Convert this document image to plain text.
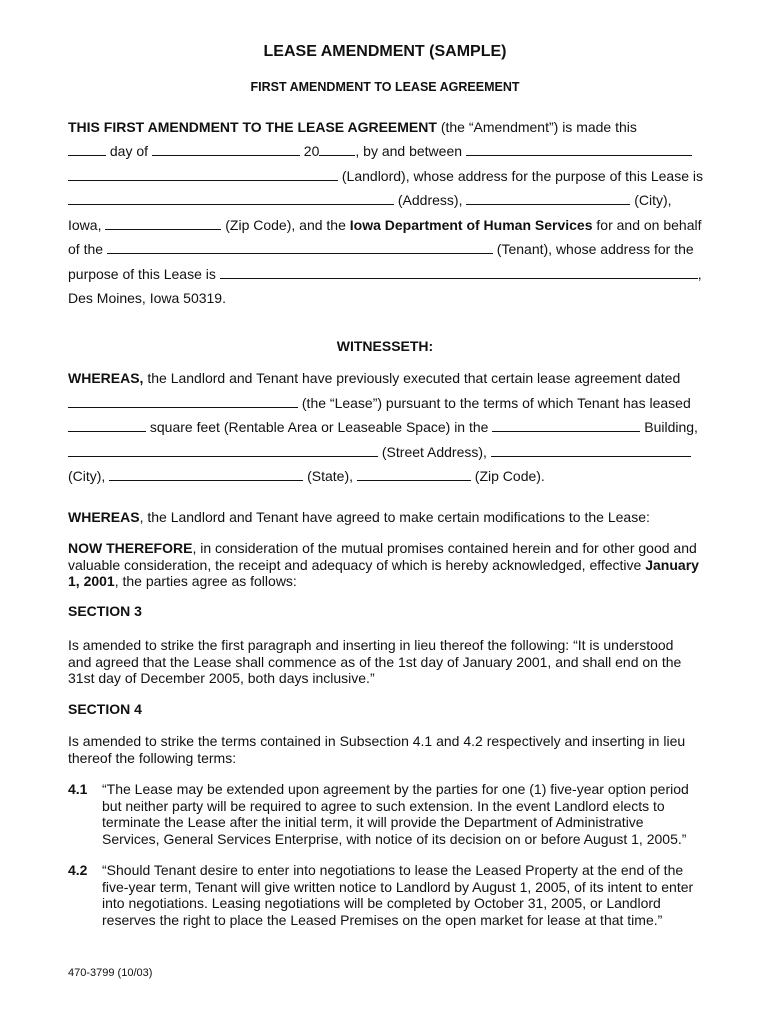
LEASE AMENDMENT (SAMPLE)
FIRST AMENDMENT TO LEASE AGREEMENT
THIS FIRST AMENDMENT TO THE LEASE AGREEMENT (the “Amendment”) is made this
day of	20	, by and between
(Landlord), whose address for the purpose of this Lease is
(Address),	(City),
Iowa,	(Zip Code), and the Iowa Department of Human Services for and on behalf
of the	(Tenant), whose address for the
purpose of this Lease is	,
Des Moines, Iowa 50319.
WITNESSETH:
WHEREAS, the Landlord and Tenant have previously executed that certain lease agreement dated
(the “Lease”) pursuant to the terms of which Tenant has leased
square feet (Rentable Area or Leaseable Space) in the	Building,
(Street Address),
(City),	(State),	(Zip Code).
WHEREAS, the Landlord and Tenant have agreed to make certain modifications to the Lease:
NOW THEREFORE, in consideration of the mutual promises contained herein and for other good and valuable consideration, the receipt and adequacy of which is hereby acknowledged, effective January 1, 2001, the parties agree as follows:
SECTION 3
Is amended to strike the first paragraph and inserting in lieu thereof the following: “It is understood and agreed that the Lease shall commence as of the 1st day of January 2001, and shall end on the 31st day of December 2005, both days inclusive.”
SECTION 4
Is amended to strike the terms contained in Subsection 4.1 and 4.2 respectively and inserting in lieu thereof the following terms:
4.1	“The Lease may be extended upon agreement by the parties for one (1) five-year option period but neither party will be required to agree to such extension. In the event Landlord elects to terminate the Lease after the initial term, it will provide the Department of Administrative Services, General Services Enterprise, with notice of its decision on or before August 1, 2005.”
4.2	“Should Tenant desire to enter into negotiations to lease the Leased Property at the end of the five-year term, Tenant will give written notice to Landlord by August 1, 2005, of its intent to enter into negotiations. Leasing negotiations will be completed by October 31, 2005, or Landlord reserves the right to place the Leased Premises on the open market for lease at that time.”
470-3799 (10/03)
